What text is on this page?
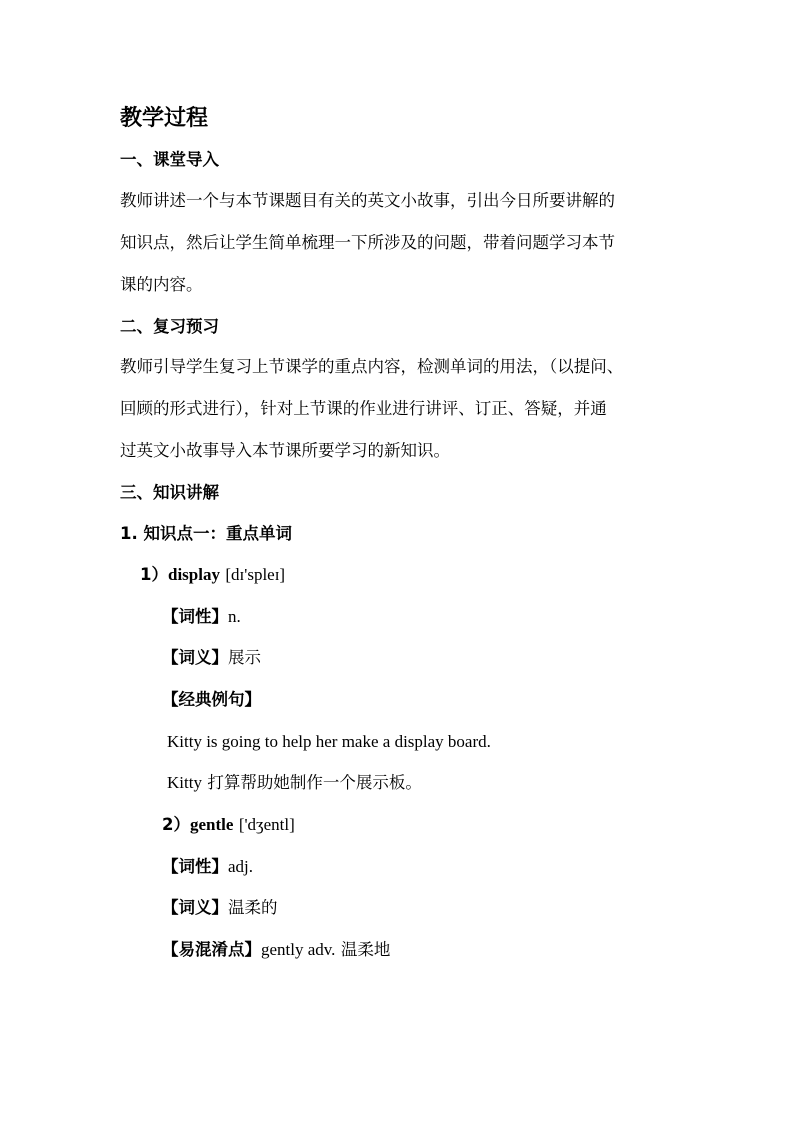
教学过程
一、课堂导入
教师讲述一个与本节课题目有关的英文小故事，引出今日所要讲解的
知识点，然后让学生简单梳理一下所涉及的问题，带着问题学习本节
课的内容。
二、复习预习
教师引导学生复习上节课学的重点内容，检测单词的用法，（以提问、
回顾的形式进行），针对上节课的作业进行讲评、订正、答疑，并通
过英文小故事导入本节课所要学习的新知识。
三、知识讲解
1. 知识点一：重点单词
1）display [dɪ'spleɪ]
【词性】n.
【词义】展示
【经典例句】
Kitty is going to help her make a display board.
Kitty 打算帮助她制作一个展示板。
2）gentle ['dʒentl]
【词性】adj.
【词义】温柔的
【易混淆点】gently adv. 温柔地
